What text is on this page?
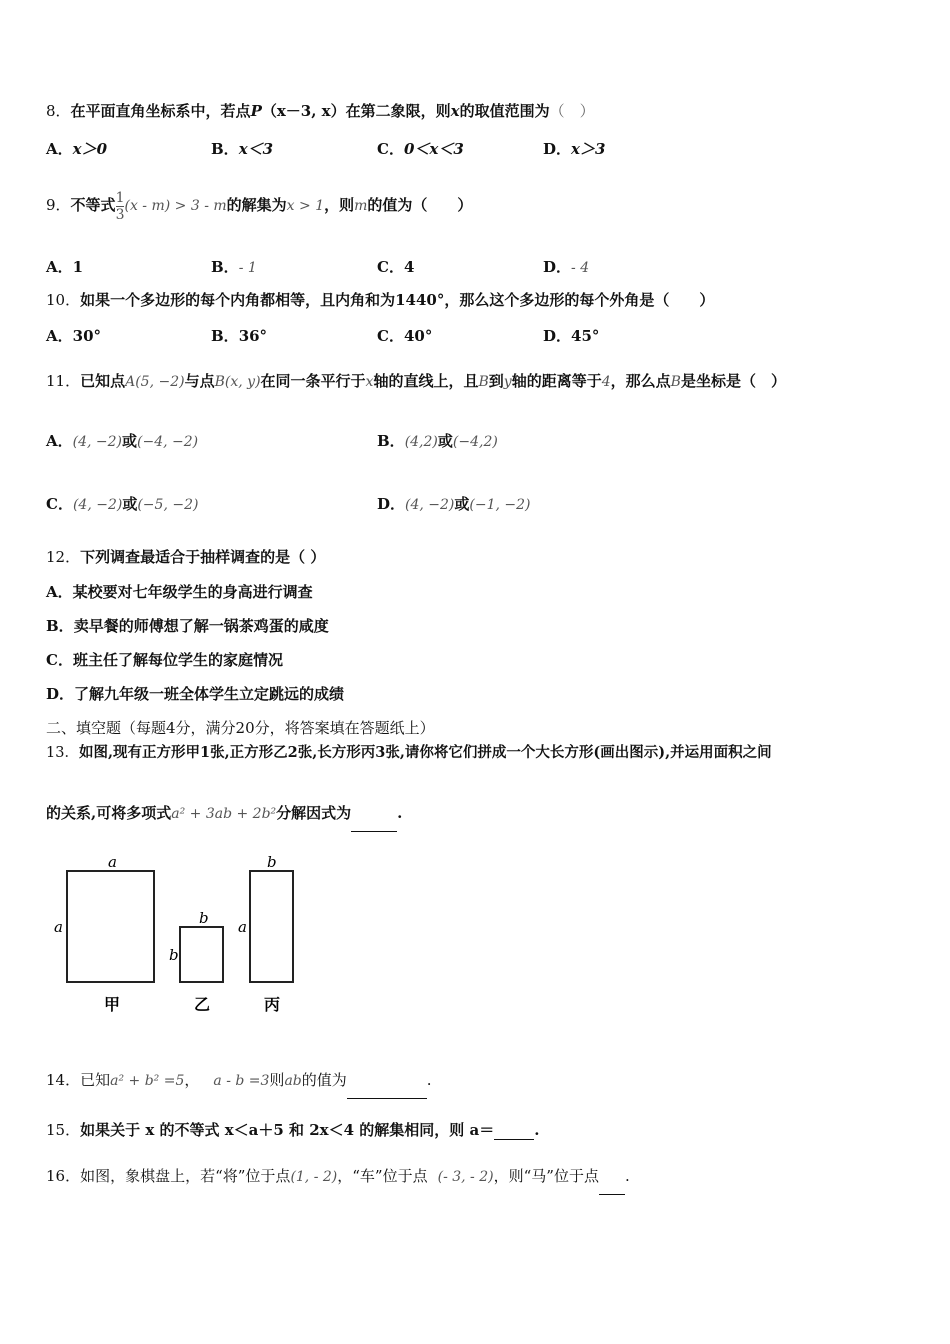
8．在平面直角坐标系中，若点P（x－3, x）在第二象限，则x的取值范围为（　）
A．x＞0	B．x＜3	C．0＜x＜3	D．x＞3
9．不等式 $\frac{1}{3} (x - m) > 3 - m$的解集为x > 1，则m的值为（　　）
A．1	B．- 1	C．4	D．- 4
10．如果一个多边形的每个内角都相等，且内角和为1440°，那么这个多边形的每个外角是（　　）
A．30°	B．36°	C．40°	D．45°
11．已知点A(5, −2)与点B(x, y)在同一条平行于x轴的直线上，且B到y轴的距离等于4，那么点B是坐标是（　）
A．(4, −2)或(−4, −2)	B．(4,2)或(−4,2)
C．(4, −2)或(−5, −2)	D．(4, −2)或(−1, −2)
12．下列调查最适合于抽样调查的是（ ）
A．某校要对七年级学生的身高进行调查
B．卖早餐的师傅想了解一锅茶鸡蛋的咸度
C．班主任了解每位学生的家庭情况
D．了解九年级一班全体学生立定跳远的成绩
二、填空题（每题4分，满分20分，将答案填在答题纸上）
13．如图,现有正方形甲1张,正方形乙2张,长方形丙3张,请你将它们拼成一个大长方形(画出图示),并运用面积之间
的关系,可将多项式a² + 3ab + 2b²分解因式为	.
a
a	b
b
b
a
甲	乙	丙
14．已知a² + b² =5， a - b =3则ab的值为	.
15．如果关于 x 的不等式 x＜a＋5 和 2x＜4 的解集相同，则 a＝	.
16．如图，象棋盘上，若“将”位于点(1, - 2)，“车”位于点 (- 3, - 2)，则“马”位于点 .
